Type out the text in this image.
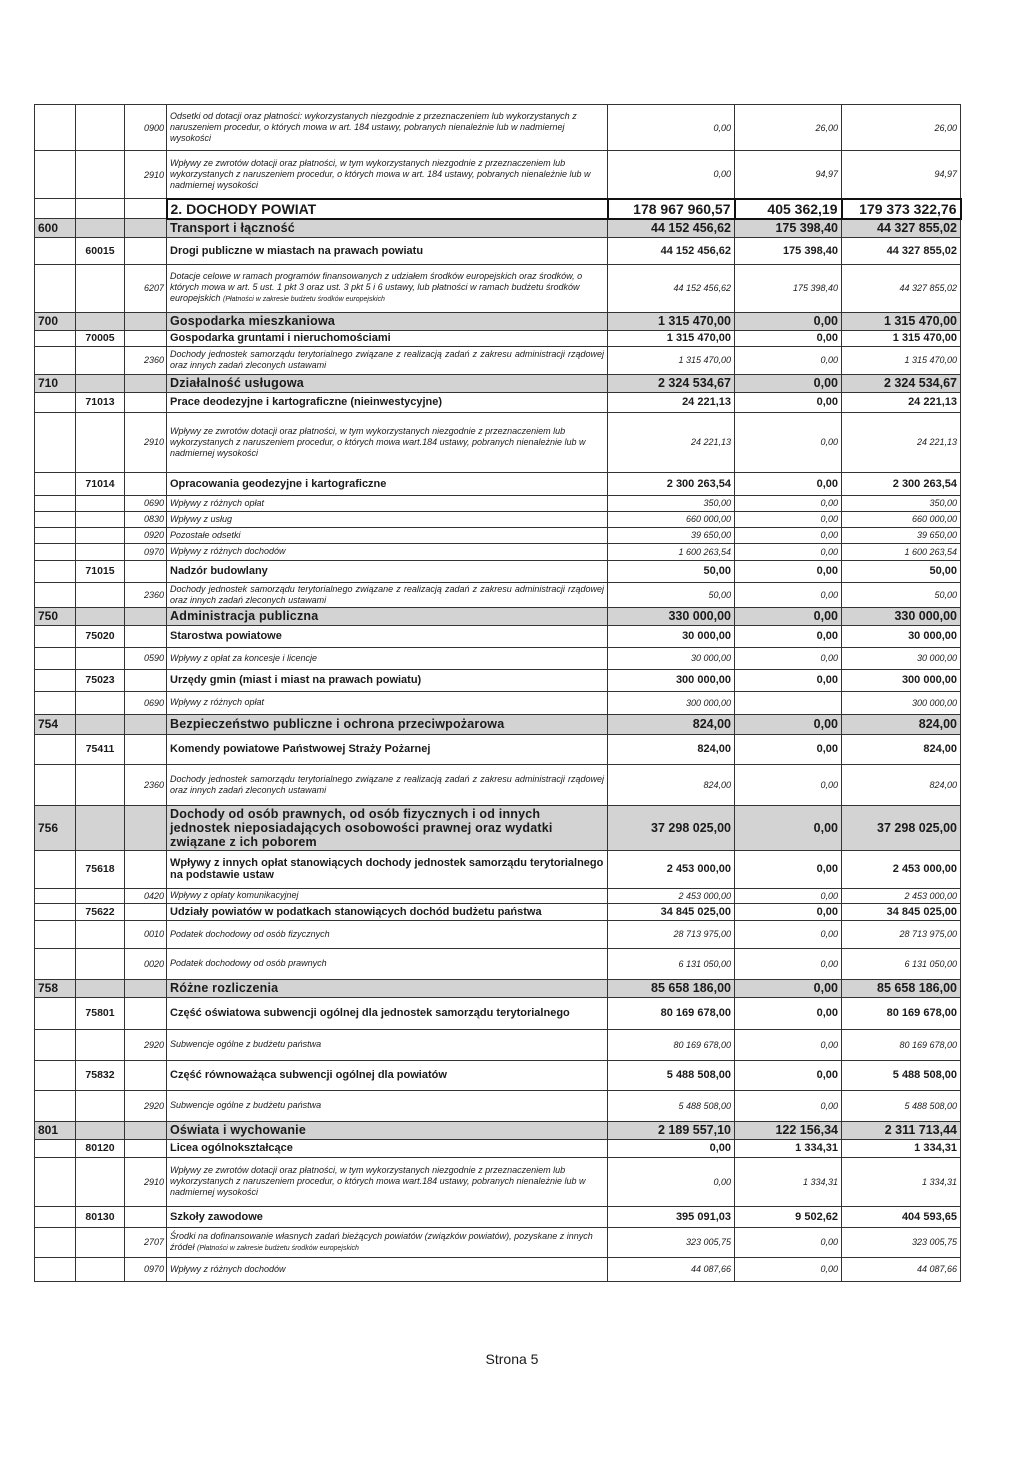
		0900	Odsetki od dotacji oraz płatności: wykorzystanych niezgodnie z przeznaczeniem lub wykorzystanych z naruszeniem procedur, o których mowa w art. 184 ustawy, pobranych nienależnie lub w nadmiernej wysokości	0,00	26,00	26,00
		2910	Wpływy ze zwrotów dotacji oraz płatności, w tym wykorzystanych niezgodnie z przeznaczeniem lub wykorzystanych z naruszeniem procedur, o których mowa w art. 184 ustawy, pobranych nienależnie lub w nadmiernej wysokości	0,00	94,97	94,97
			2. DOCHODY POWIAT	178 967 960,57	405 362,19	179 373 322,76
600			Transport i łączność	44 152 456,62	175 398,40	44 327 855,02
	60015		Drogi publiczne w miastach na prawach powiatu	44 152 456,62	175 398,40	44 327 855,02
		6207	Dotacje celowe w ramach programów finansowanych z udziałem środków europejskich oraz środków, o których mowa w art. 5 ust. 1 pkt 3 oraz ust. 3 pkt 5 i 6 ustawy, lub płatności w ramach budżetu środków europejskich (Płatności w zakresie budżetu środków europejskich	44 152 456,62	175 398,40	44 327 855,02
700			Gospodarka mieszkaniowa	1 315 470,00	0,00	1 315 470,00
	70005		Gospodarka gruntami i nieruchomościami	1 315 470,00	0,00	1 315 470,00
		2360	Dochody jednostek samorządu terytorialnego związane z realizacją zadań z zakresu administracji rządowej oraz innych zadań zleconych ustawami	1 315 470,00	0,00	1 315 470,00
710			Działalność usługowa	2 324 534,67	0,00	2 324 534,67
	71013		Prace deodezyjne i kartograficzne (nieinwestycyjne)	24 221,13	0,00	24 221,13
		2910	Wpływy ze zwrotów dotacji oraz płatności, w tym wykorzystanych niezgodnie z przeznaczeniem lub wykorzystanych z naruszeniem procedur, o których mowa wart.184 ustawy, pobranych nienależnie lub w nadmiernej wysokości	24 221,13	0,00	24 221,13
	71014		Opracowania geodezyjne i kartograficzne	2 300 263,54	0,00	2 300 263,54
		0690	Wpływy z różnych opłat	350,00	0,00	350,00
		0830	Wpływy z usług	660 000,00	0,00	660 000,00
		0920	Pozostałe odsetki	39 650,00	0,00	39 650,00
		0970	Wpływy z różnych dochodów	1 600 263,54	0,00	1 600 263,54
	71015		Nadzór budowlany	50,00	0,00	50,00
		2360	Dochody jednostek samorządu terytorialnego związane z realizacją zadań z zakresu administracji rządowej oraz innych zadań zleconych ustawami	50,00	0,00	50,00
750			Administracja publiczna	330 000,00	0,00	330 000,00
	75020		Starostwa powiatowe	30 000,00	0,00	30 000,00
		0590	Wpływy z opłat za koncesje i licencje	30 000,00	0,00	30 000,00
	75023		Urzędy gmin (miast i miast na prawach powiatu)	300 000,00	0,00	300 000,00
		0690	Wpływy z różnych opłat	300 000,00		300 000,00
754			Bezpieczeństwo publiczne i ochrona przeciwpożarowa	824,00	0,00	824,00
	75411		Komendy powiatowe Państwowej Straży Pożarnej	824,00	0,00	824,00
		2360	Dochody jednostek samorządu terytorialnego związane z realizacją zadań z zakresu administracji rządowej oraz innych zadań zleconych ustawami	824,00	0,00	824,00
756			Dochody od osób prawnych, od osób fizycznych i od innych jednostek nieposiadających osobowości prawnej oraz wydatki związane z ich poborem	37 298 025,00	0,00	37 298 025,00
	75618		Wpływy z innych opłat stanowiących dochody jednostek samorządu terytorialnego na podstawie ustaw	2 453 000,00	0,00	2 453 000,00
		0420	Wpływy z opłaty komunikacyjnej	2 453 000,00	0,00	2 453 000,00
	75622		Udziały powiatów w podatkach stanowiących dochód budżetu państwa	34 845 025,00	0,00	34 845 025,00
		0010	Podatek dochodowy od osób fizycznych	28 713 975,00	0,00	28 713 975,00
		0020	Podatek dochodowy od osób prawnych	6 131 050,00	0,00	6 131 050,00
758			Różne rozliczenia	85 658 186,00	0,00	85 658 186,00
	75801		Część oświatowa subwencji ogólnej dla jednostek samorządu terytorialnego	80 169 678,00	0,00	80 169 678,00
		2920	Subwencje ogólne z budżetu państwa	80 169 678,00	0,00	80 169 678,00
	75832		Część równoważąca subwencji ogólnej dla powiatów	5 488 508,00	0,00	5 488 508,00
		2920	Subwencje ogólne z budżetu państwa	5 488 508,00	0,00	5 488 508,00
801			Oświata i wychowanie	2 189 557,10	122 156,34	2 311 713,44
	80120		Licea ogólnokształcące	0,00	1 334,31	1 334,31
		2910	Wpływy ze zwrotów dotacji oraz płatności, w tym wykorzystanych niezgodnie z przeznaczeniem lub wykorzystanych z naruszeniem procedur, o których mowa wart.184 ustawy, pobranych nienależnie lub w nadmiernej wysokości	0,00	1 334,31	1 334,31
	80130		Szkoły zawodowe	395 091,03	9 502,62	404 593,65
		2707	Środki na dofinansowanie własnych zadań bieżących powiatów (związków powiatów), pozyskane z innych źródeł (Płatności w zakresie budżetu środków europejskich	323 005,75	0,00	323 005,75
		0970	Wpływy z różnych dochodów	44 087,66	0,00	44 087,66
Strona 5
